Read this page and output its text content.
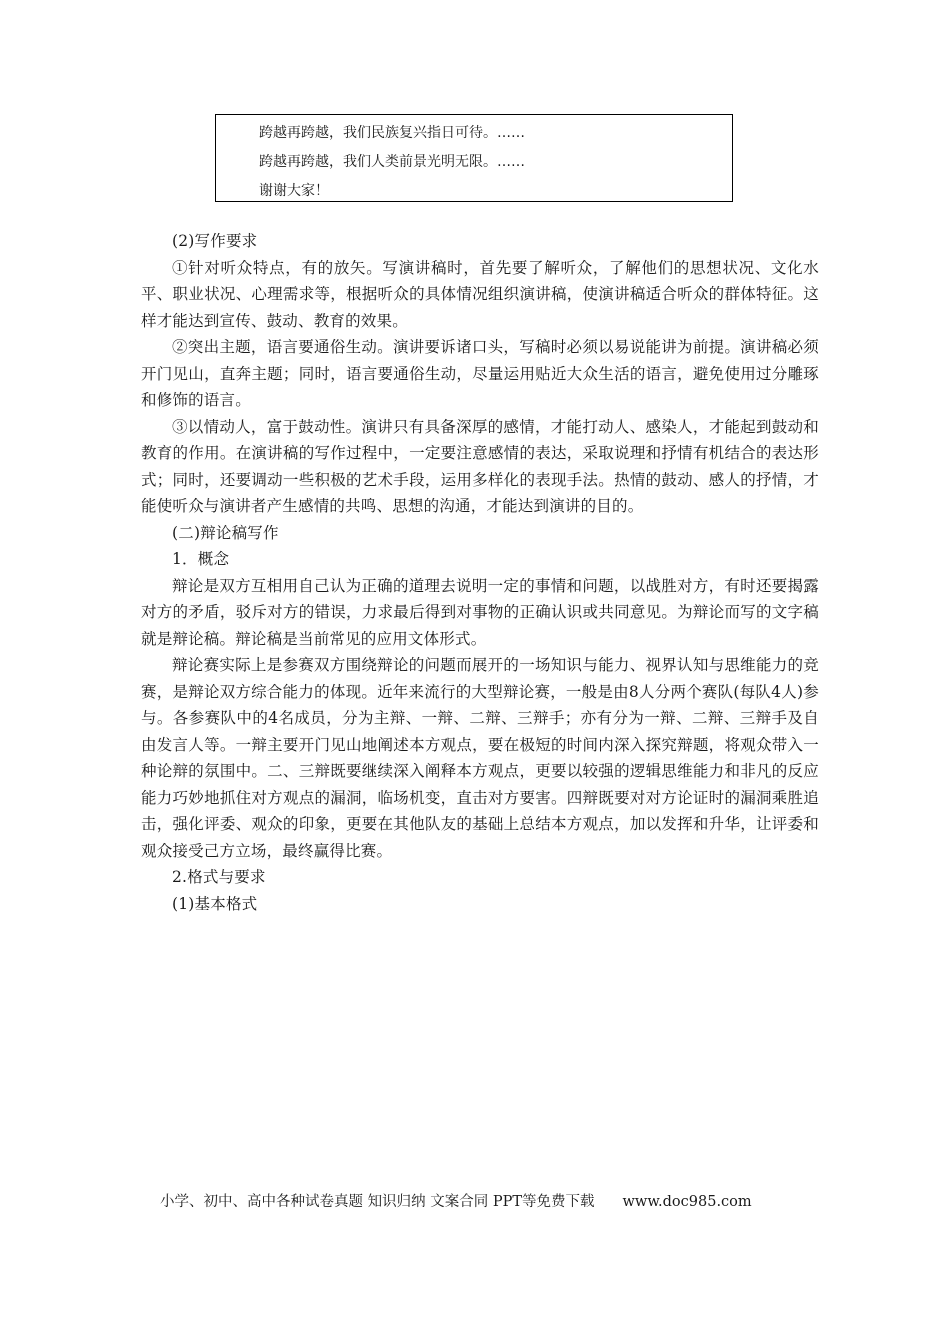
跨越再跨越，我们民族复兴指日可待。……
跨越再跨越，我们人类前景光明无限。……
谢谢大家！

(2)写作要求

①针对听众特点，有的放矢。写演讲稿时，首先要了解听众，了解他们的思想状况、文化水平、职业状况、心理需求等，根据听众的具体情况组织演讲稿，使演讲稿适合听众的群体特征。这样才能达到宣传、鼓动、教育的效果。

②突出主题，语言要通俗生动。演讲要诉诸口头，写稿时必须以易说能讲为前提。演讲稿必须开门见山，直奔主题；同时，语言要通俗生动，尽量运用贴近大众生活的语言，避免使用过分雕琢和修饰的语言。

③以情动人，富于鼓动性。演讲只有具备深厚的感情，才能打动人、感染人，才能起到鼓动和教育的作用。在演讲稿的写作过程中，一定要注意感情的表达，采取说理和抒情有机结合的表达形式；同时，还要调动一些积极的艺术手段，运用多样化的表现手法。热情的鼓动、感人的抒情，才能使听众与演讲者产生感情的共鸣、思想的沟通，才能达到演讲的目的。

(二)辩论稿写作

1．概念

辩论是双方互相用自己认为正确的道理去说明一定的事情和问题，以战胜对方，有时还要揭露对方的矛盾，驳斥对方的错误，力求最后得到对事物的正确认识或共同意见。为辩论而写的文字稿就是辩论稿。辩论稿是当前常见的应用文体形式。

辩论赛实际上是参赛双方围绕辩论的问题而展开的一场知识与能力、视界认知与思维能力的竞赛，是辩论双方综合能力的体现。近年来流行的大型辩论赛，一般是由8人分两个赛队(每队4人)参与。各参赛队中的4名成员，分为主辩、一辩、二辩、三辩手；亦有分为一辩、二辩、三辩手及自由发言人等。一辩主要开门见山地阐述本方观点，要在极短的时间内深入探究辩题，将观众带入一种论辩的氛围中。二、三辩既要继续深入阐释本方观点，更要以较强的逻辑思维能力和非凡的反应能力巧妙地抓住对方观点的漏洞，临场机变，直击对方要害。四辩既要对对方论证时的漏洞乘胜追击，强化评委、观众的印象，更要在其他队友的基础上总结本方观点，加以发挥和升华，让评委和观众接受己方立场，最终赢得比赛。

2.格式与要求

(1)基本格式

小学、初中、高中各种试卷真题 知识归纳 文案合同 PPT等免费下载 www.doc985.com
